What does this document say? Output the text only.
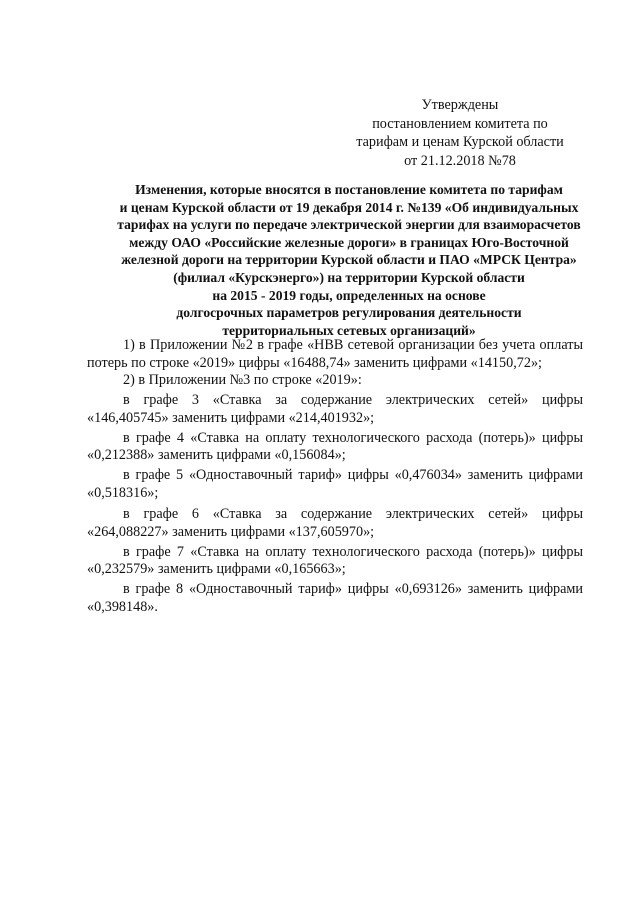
Утверждены
постановлением комитета по
тарифам и ценам Курской области
от 21.12.2018 №78
Изменения, которые вносятся в постановление комитета по тарифам
и ценам Курской области от 19 декабря 2014 г. №139 «Об индивидуальных
тарифах на услуги по передаче электрической энергии для взаиморасчетов
между ОАО «Российские железные дороги» в границах Юго-Восточной
железной дороги на территории Курской области и ПАО «МРСК Центра»
(филиал «Курскэнерго») на территории Курской области
на 2015 - 2019 годы, определенных на основе
долгосрочных параметров регулирования деятельности
территориальных сетевых организаций»

1) в Приложении №2 в графе «НВВ сетевой организации без учета оплаты потерь по строке «2019» цифры «16488,74» заменить цифрами «14150,72»;

2) в Приложении №3 по строке «2019»:

в графе 3 «Ставка за содержание электрических сетей» цифры «146,405745» заменить цифрами «214,401932»;

в графе 4 «Ставка на оплату технологического расхода (потерь)» цифры «0,212388» заменить цифрами «0,156084»;

в графе 5 «Одноставочный тариф» цифры «0,476034» заменить цифрами «0,518316»;

в графе 6 «Ставка за содержание электрических сетей» цифры «264,088227» заменить цифрами «137,605970»;

в графе 7 «Ставка на оплату технологического расхода (потерь)» цифры «0,232579» заменить цифрами «0,165663»;

в графе 8 «Одноставочный тариф» цифры «0,693126» заменить цифрами «0,398148».
